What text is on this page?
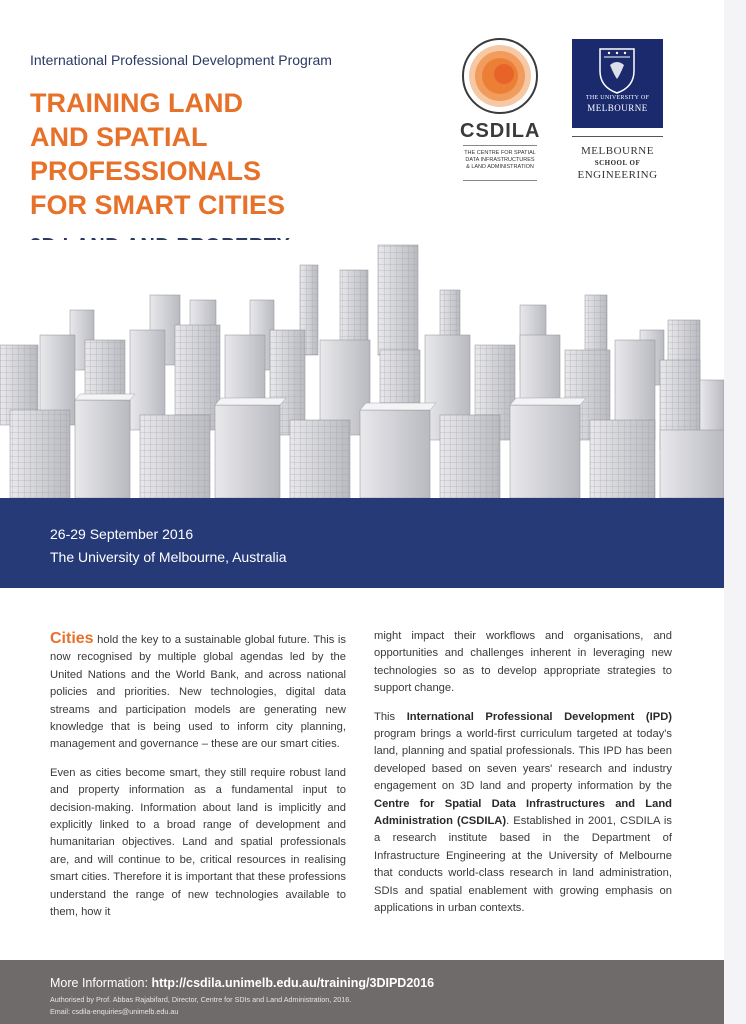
International Professional Development Program
TRAINING LAND
AND SPATIAL
PROFESSIONALS
FOR SMART CITIES
CSDILA
THE CENTRE FOR SPATIAL
DATA INFRASTRUCTURES
& LAND ADMINISTRATION
THE UNIVERSITY OF
MELBOURNE
MELBOURNE
SCHOOL OF
ENGINEERING
26-29 September 2016
The University of Melbourne, Australia

Cities hold the key to a sustainable global future. This is now recognised by multiple global agendas led by the United Nations and the World Bank, and across national policies and priorities. New technologies, digital data streams and participation models are generating new knowledge that is being used to inform city planning, management and governance – these are our smart cities.

Even as cities become smart, they still require robust land and property information as a fundamental input to decision-making. Information about land is implicitly and explicitly linked to a broad range of development and humanitarian objectives. Land and spatial professionals are, and will continue to be, critical resources in realising smart cities. Therefore it is important that these professions understand the range of new technologies available to them, how it

might impact their workflows and organisations, and opportunities and challenges inherent in leveraging new technologies so as to develop appropriate strategies to support change.

This International Professional Development (IPD) program brings a world-first curriculum targeted at today's land, planning and spatial professionals. This IPD has been developed based on seven years' research and industry engagement on 3D land and property information by the Centre for Spatial Data Infrastructures and Land Administration (CSDILA). Established in 2001, CSDILA is a research institute based in the Department of Infrastructure Engineering at the University of Melbourne that conducts world-class research in land administration, SDIs and spatial enablement with growing emphasis on applications in urban contexts.

More Information: http://csdila.unimelb.edu.au/training/3DIPD2016
Authorised by Prof. Abbas Rajabifard, Director, Centre for SDIs and Land Administration, 2016.
Email: csdila-enquiries@unimelb.edu.au
